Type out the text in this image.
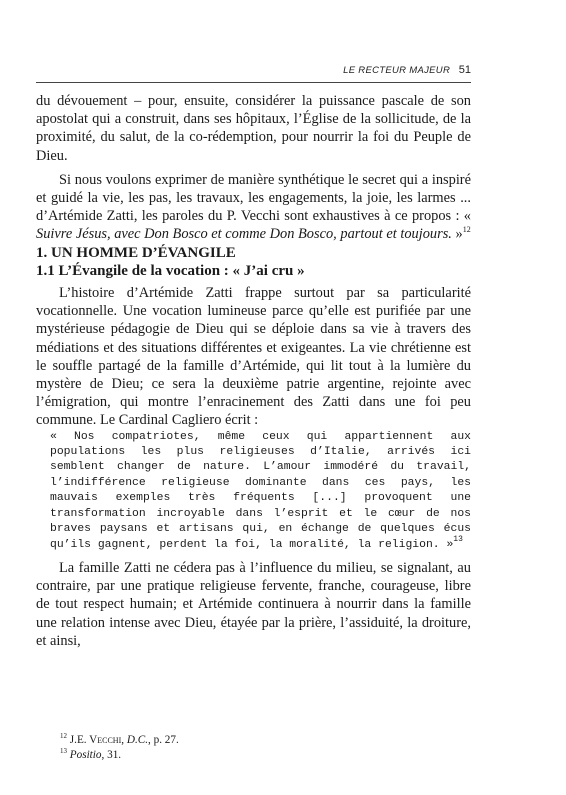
LE RECTEUR MAJEUR 51

du dévouement – pour, ensuite, considérer la puissance pascale de son apostolat qui a construit, dans ses hôpitaux, l’Église de la sollicitude, de la proximité, du salut, de la co-rédemption, pour nourrir la foi du Peuple de Dieu.

Si nous voulons exprimer de manière synthétique le secret qui a inspiré et guidé la vie, les pas, les travaux, les engagements, la joie, les larmes ... d’Artémide Zatti, les paroles du P. Vecchi sont exhaustives à ce propos : « Suivre Jésus, avec Don Bosco et comme Don Bosco, partout et toujours. »$^{12}$

1. UN HOMME D’ÉVANGILE

1.1 L’Évangile de la vocation : « J’ai cru »

L’histoire d’Artémide Zatti frappe surtout par sa particularité vocationnelle. Une vocation lumineuse parce qu’elle est purifiée par une mystérieuse pédagogie de Dieu qui se déploie dans sa vie à travers des médiations et des situations différentes et exigeantes. La vie chrétienne est le souffle partagé de la famille d’Artémide, qui lit tout à la lumière du mystère de Dieu; ce sera la deuxième patrie argentine, rejointe avec l’émigration, qui montre l’enracinement des Zatti dans une foi peu commune. Le Cardinal Cagliero écrit :

« Nos compatriotes, même ceux qui appartiennent aux populations les plus religieuses d’Italie, arrivés ici semblent changer de nature. L’amour immodéré du travail, l’indifférence religieuse dominante dans ces pays, les mauvais exemples très fréquents [...] provoquent une transformation incroyable dans l’esprit et le cœur de nos braves paysans et artisans qui, en échange de quelques écus qu’ils gagnent, perdent la foi, la moralité, la religion. »$^{13}$

La famille Zatti ne cédera pas à l’influence du milieu, se signalant, au contraire, par une pratique religieuse fervente, franche, courageuse, libre de tout respect humain; et Artémide continuera à nourrir dans la famille une relation intense avec Dieu, étayée par la prière, l’assiduité, la droiture, et ainsi,

$^{12}$ J.E. Vecchi, D.C., p. 27.
$^{13}$ Positio, 31.
